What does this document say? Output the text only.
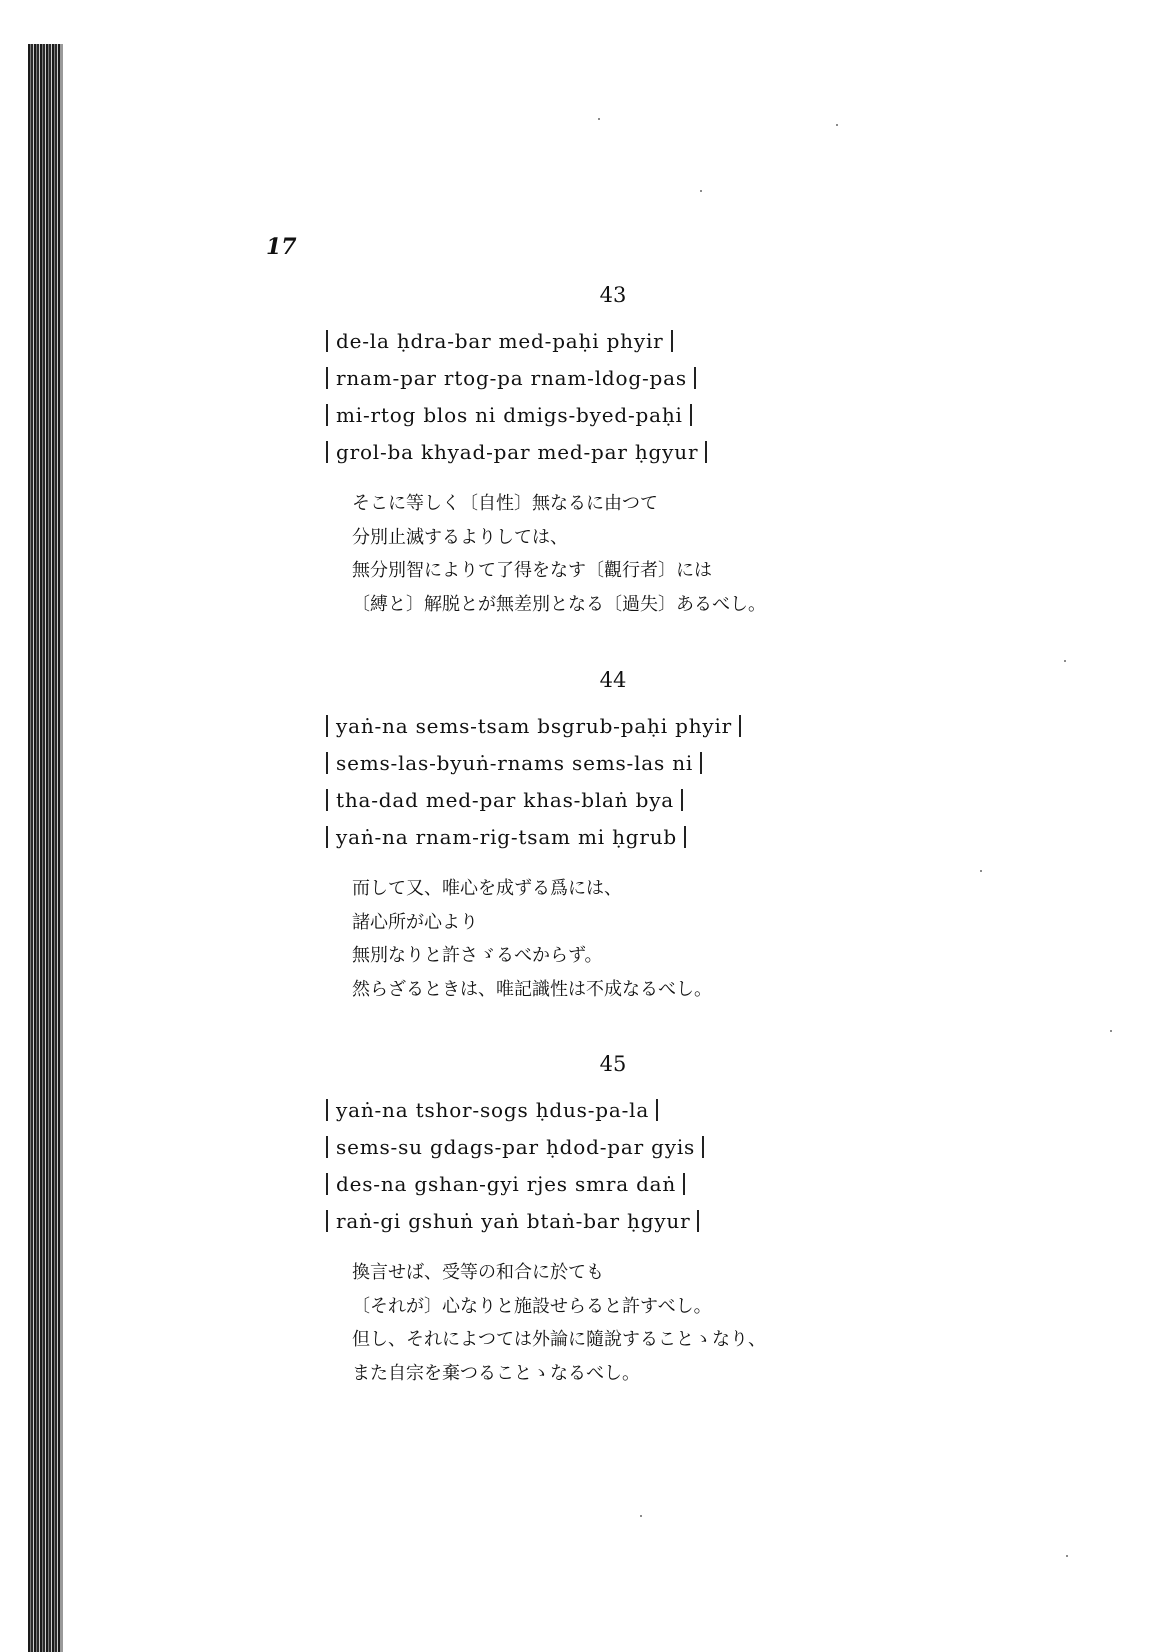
17
43
de-la ḥdra-bar med-paḥi phyir
rnam-par rtog-pa rnam-ldog-pas
mi-rtog blos ni dmigs-byed-paḥi
grol-ba khyad-par med-par ḥgyur
そこに等しく〔自性〕無なるに由つて
分別止滅するよりしては、
無分別智によりて了得をなす〔觀行者〕には
〔縛と〕解脱とが無差別となる〔過失〕あるべし。
44
yaṅ-na sems-tsam bsgrub-paḥi phyir
sems-las-byuṅ-rnams sems-las ni
tha-dad med-par khas-blaṅ bya
yaṅ-na rnam-rig-tsam mi ḥgrub
而して又、唯心を成ずる爲には、
諸心所が心より
無別なりと許さゞるべからず。
然らざるときは、唯記識性は不成なるべし。
45
yaṅ-na tshor-sogs ḥdus-pa-la
sems-su gdags-par ḥdod-par gyis
des-na gshan-gyi rjes smra daṅ
raṅ-gi gshuṅ yaṅ btaṅ-bar ḥgyur
換言せば、受等の和合に於ても
〔それが〕心なりと施設せらると許すべし。
但し、それによつては外論に隨說することゝなり、
また自宗を棄つることゝなるべし。
